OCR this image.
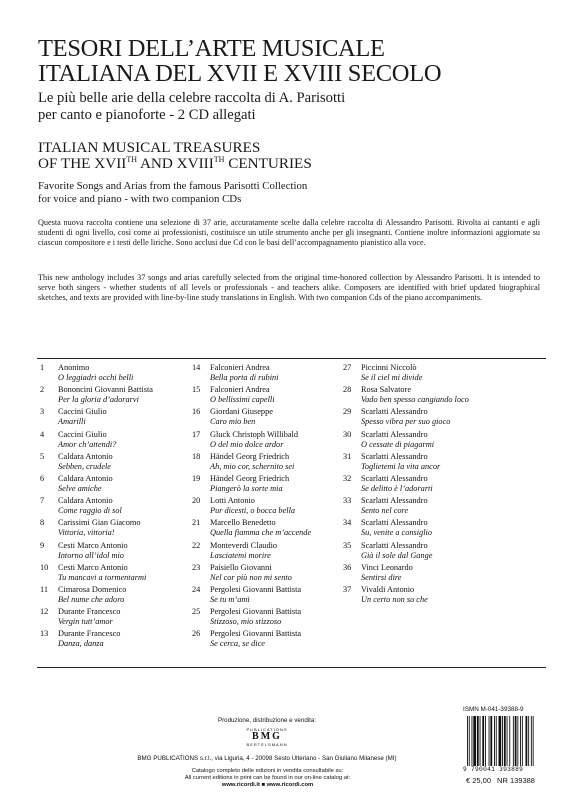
TESORI DELL’ARTE MUSICALE
ITALIANA DEL XVII E XVIII SECOLO
Le più belle arie della celebre raccolta di A. Parisotti
per canto e pianoforte - 2 CD allegati
ITALIAN MUSICAL TREASURES
OF THE XVIITH AND XVIIITH CENTURIES
Favorite Songs and Arias from the famous Parisotti Collection
for voice and piano - with two companion CDs
Questa nuova raccolta contiene una selezione di 37 arie, accuratamente scelte dalla celebre raccolta di Alessandro Parisotti. Rivolta ai cantanti e agli studenti di ogni livello, così come ai professionisti, costituisce un utile strumento anche per gli insegnanti. Contiene inoltre informazioni aggiornate su ciascun compositore e i testi delle liriche. Sono acclusi due Cd con le basi dell’accompagnamento pianistico alla voce.
This new anthology includes 37 songs and arias carefully selected from the original time-honored collection by Alessandro Parisotti. It is intended to serve both singers - whether students of all levels or professionals - and teachers alike. Composers are identified with brief updated biographical sketches, and texts are provided with line-by-line study translations in English. With two companion Cds of the piano accompaniments.
1	Anonimo
O leggiadri occhi belli
2	Bononcini Giovanni Battista
Per la gloria d’adorarvi
3	Caccini Giulio
Amarilli
4	Caccini Giulio
Amor ch’attendi?
5	Caldara Antonio
Sebben, crudele
6	Caldara Antonio
Selve amiche
7	Caldara Antonio
Come raggio di sol
8	Carissimi Gian Giacomo
Vittoria, vittoria!
9	Cesti Marco Antonio
Intorno all’idol mio
10	Cesti Marco Antonio
Tu mancavi a tormentarmi
11	Cimarosa Domenico
Bel nume che adoro
12	Durante Francesco
Vergin tutt’amor
13	Durante Francesco
Danza, danza
14	Falconieri Andrea
Bella porta di rubini
15	Falconieri Andrea
O bellissimi capelli
16	Giordani Giuseppe
Caro mio ben
17	Gluck Christoph Willibald
O del mio dolce ardor
18	Händel Georg Friedrich
Ah, mio cor, schernito sei
19	Händel Georg Friedrich
Piangerò la sorte mia
20	Lotti Antonio
Pur dicesti, o bocca bella
21	Marcello Benedetto
Quella fiamma che m’accende
22	Monteverdi Claudio
Lasciatemi morire
23	Paisiello Giovanni
Nel cor più non mi sento
24	Pergolesi Giovanni Battista
Se tu m’ami
25	Pergolesi Giovanni Battista
Stizzoso, mio stizzoso
26	Pergolesi Giovanni Battista
Se cerca, se dice
27	Piccinni Niccolò
Se il ciel mi divide
28	Rosa Salvatore
Vado ben spesso cangiando loco
29	Scarlatti Alessandro
Spesso vibra per suo gioco
30	Scarlatti Alessandro
O cessate di piagarmi
31	Scarlatti Alessandro
Toglietemi la vita ancor
32	Scarlatti Alessandro
Se delitto è l’adorarti
33	Scarlatti Alessandro
Sento nel core
34	Scarlatti Alessandro
Su, venite a consiglio
35	Scarlatti Alessandro
Già il sole dal Gange
36	Vinci Leonardo
Sentirsi dire
37	Vivaldi Antonio
Un certo non so che
Produzione, distribuzione e vendita:
PUBLICATIONS
BMG
BERTELSMANN
BMG PUBLICATIONS s.r.l., via Liguria, 4 - 20098 Sesto Ulteriano - San Giuliano Milanese (MI)
Catalogo completo delle edizioni in vendita consultabile su:
All current editions in print can be found in our on-line catalog at:
www.ricordi.it ■ www.ricordi.com
ISMN M-041-39388-9
9 790041 393889
€ 25,00 NR 139388
